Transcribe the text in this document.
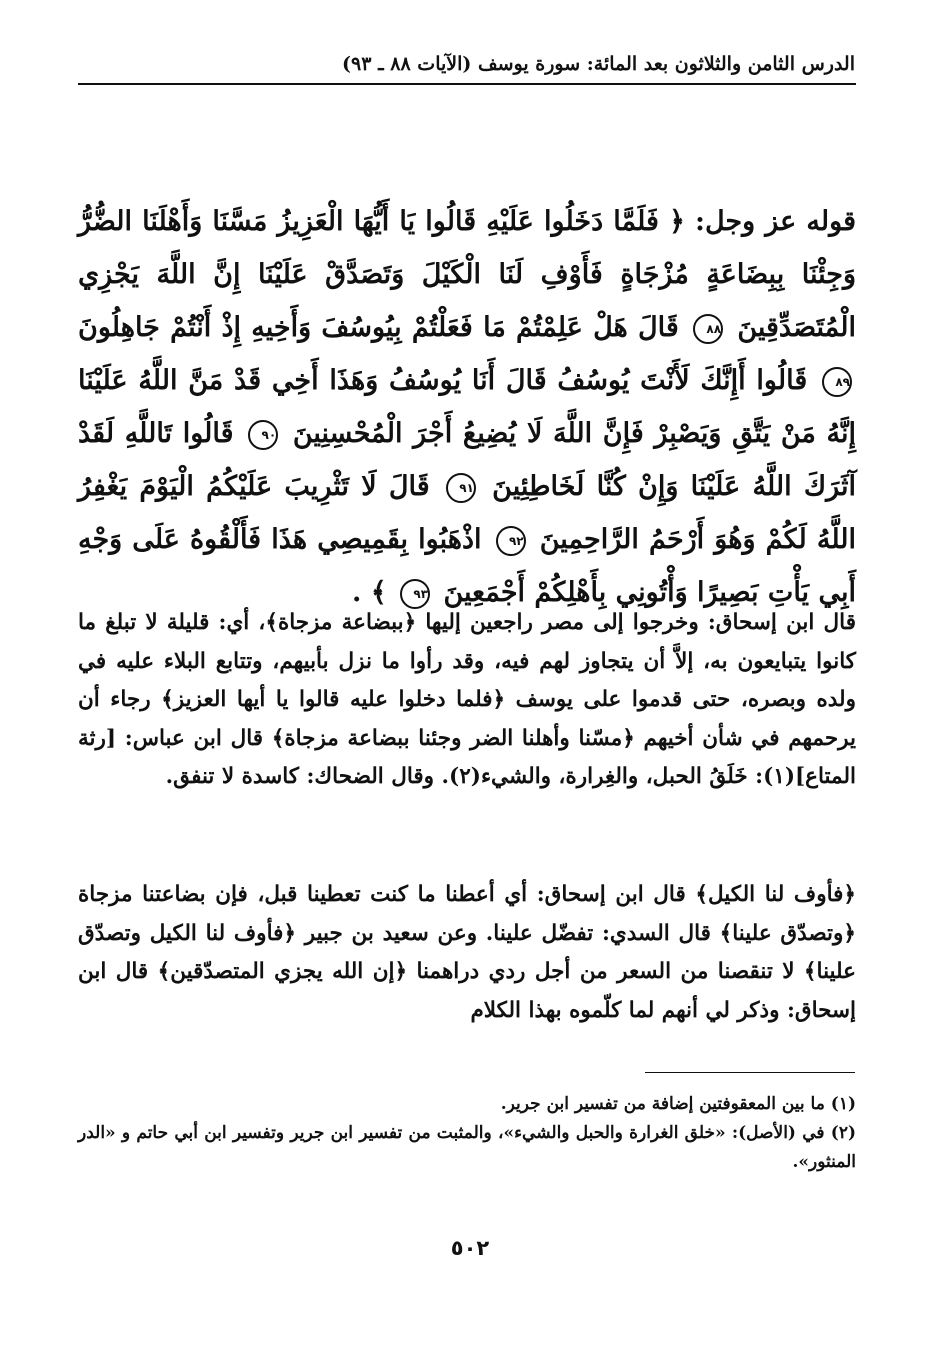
الدرس الثامن والثلاثون بعد المائة: سورة يوسف (الآيات ٨٨ ـ ٩٣)
قوله عز وجل: ﴿ فَلَمَّا دَخَلُوا عَلَيْهِ قَالُوا يَا أَيُّهَا الْعَزِيزُ مَسَّنَا وَأَهْلَنَا الضُّرُّ وَجِئْنَا بِبِضَاعَةٍ مُزْجَاةٍ فَأَوْفِ لَنَا الْكَيْلَ وَتَصَدَّقْ عَلَيْنَا إِنَّ اللَّهَ يَجْزِي الْمُتَصَدِّقِينَ ٨٨ قَالَ هَلْ عَلِمْتُمْ مَا فَعَلْتُمْ بِيُوسُفَ وَأَخِيهِ إِذْ أَنْتُمْ جَاهِلُونَ ٨٩ قَالُوا أَإِنَّكَ لَأَنْتَ يُوسُفُ قَالَ أَنَا يُوسُفُ وَهَذَا أَخِي قَدْ مَنَّ اللَّهُ عَلَيْنَا إِنَّهُ مَنْ يَتَّقِ وَيَصْبِرْ فَإِنَّ اللَّهَ لَا يُضِيعُ أَجْرَ الْمُحْسِنِينَ ٩٠ قَالُوا تَاللَّهِ لَقَدْ آثَرَكَ اللَّهُ عَلَيْنَا وَإِنْ كُنَّا لَخَاطِئِينَ ٩١ قَالَ لَا تَثْرِيبَ عَلَيْكُمُ الْيَوْمَ يَغْفِرُ اللَّهُ لَكُمْ وَهُوَ أَرْحَمُ الرَّاحِمِينَ ٩٢ اذْهَبُوا بِقَمِيصِي هَذَا فَأَلْقُوهُ عَلَى وَجْهِ أَبِي يَأْتِ بَصِيرًا وَأْتُونِي بِأَهْلِكُمْ أَجْمَعِينَ ٩٣ ﴾ .
قال ابن إسحاق: وخرجوا إلى مصر راجعين إليها ﴿ببضاعة مزجاة﴾، أي: قليلة لا تبلغ ما كانوا يتبايعون به، إلاَّ أن يتجاوز لهم فيه، وقد رأوا ما نزل بأبيهم، وتتابع البلاء عليه في ولده وبصره، حتى قدموا على يوسف ﴿فلما دخلوا عليه قالوا يا أيها العزيز﴾ رجاء أن يرحمهم في شأن أخيهم ﴿مسّنا وأهلنا الضر وجئنا ببضاعة مزجاة﴾ قال ابن عباس: [رثة المتاع](١): خَلَقُ الحبل، والغِرارة، والشيء(٢). وقال الضحاك: كاسدة لا تنفق.
﴿فأوف لنا الكيل﴾ قال ابن إسحاق: أي أعطنا ما كنت تعطينا قبل، فإن بضاعتنا مزجاة ﴿وتصدّق علينا﴾ قال السدي: تفضّل علينا. وعن سعيد بن جبير ﴿فأوف لنا الكيل وتصدّق علينا﴾ لا تنقصنا من السعر من أجل ردي دراهمنا ﴿إن الله يجزي المتصدّقين﴾ قال ابن إسحاق: وذكر لي أنهم لما كلّموه بهذا الكلام
(١) ما بين المعقوفتين إضافة من تفسير ابن جرير.
(٢) في (الأصل): «خلق الغرارة والحبل والشيء»، والمثبت من تفسير ابن جرير وتفسير ابن أبي حاتم و «الدر المنثور».
٥٠٢
